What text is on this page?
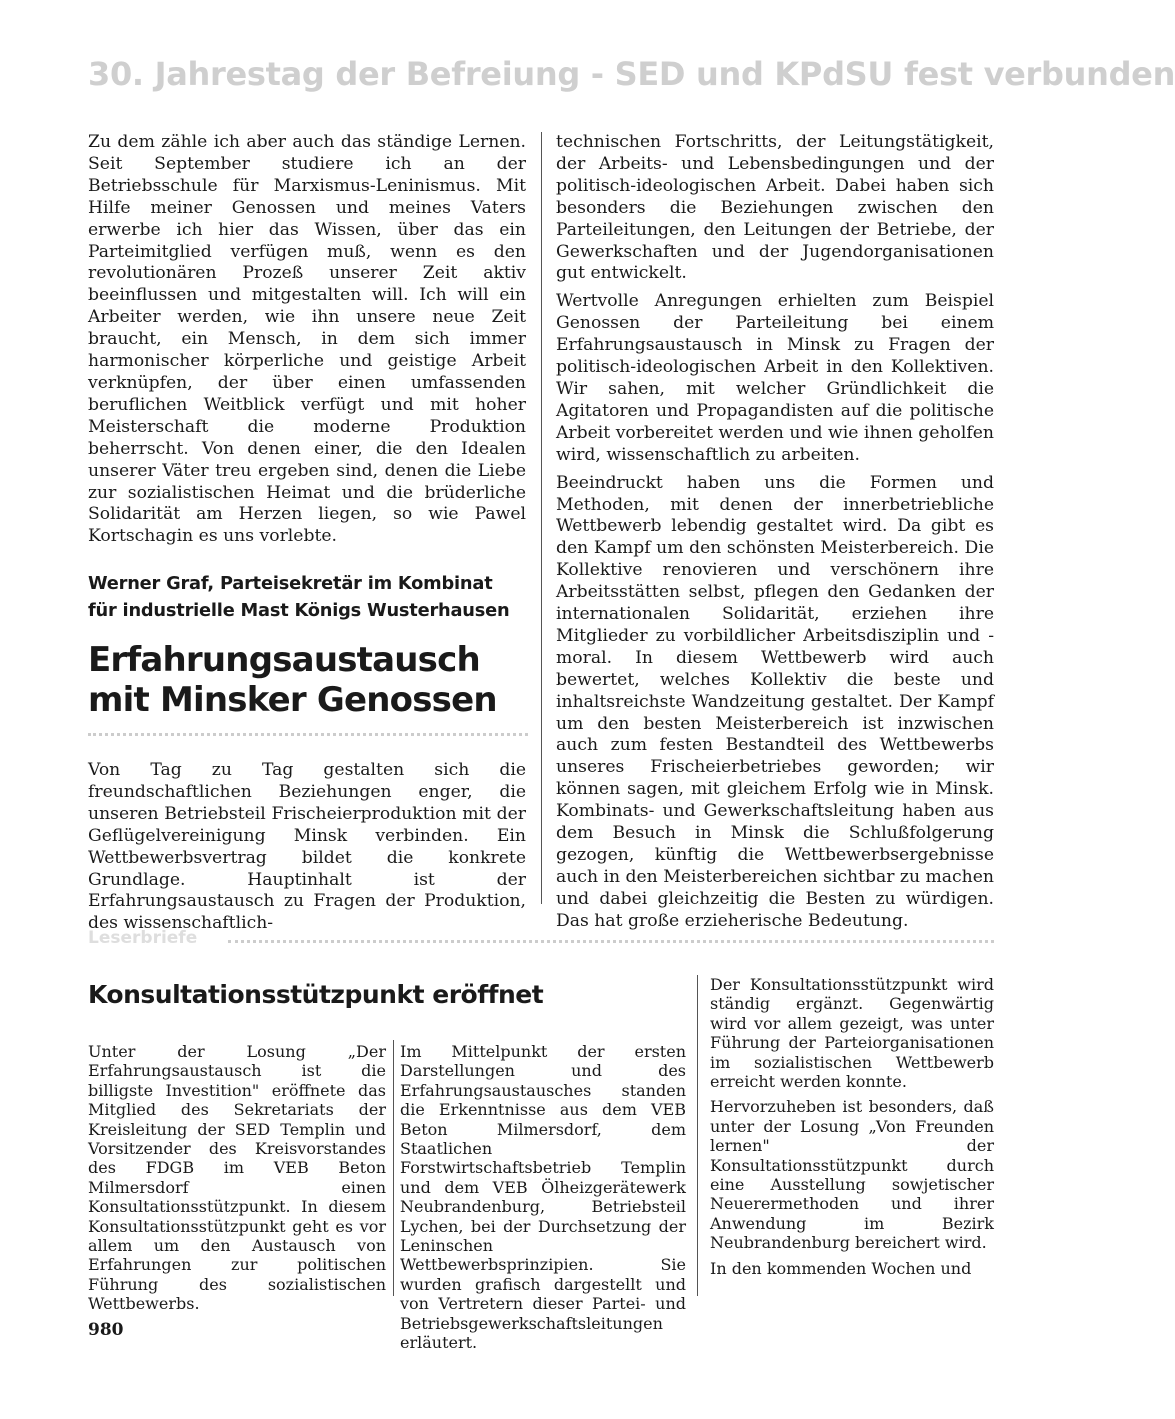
30. Jahrestag der Befreiung - SED und KPdSU fest verbunden

Zu dem zähle ich aber auch das ständige Lernen. Seit September studiere ich an der Betriebsschule für Marxismus-Leninismus. Mit Hilfe meiner Genossen und meines Vaters erwerbe ich hier das Wissen, über das ein Parteimitglied verfügen muß, wenn es den revolutionären Prozeß unserer Zeit aktiv beeinflussen und mitgestalten will. Ich will ein Arbeiter werden, wie ihn unsere neue Zeit braucht, ein Mensch, in dem sich immer harmonischer körperliche und geistige Arbeit verknüpfen, der über einen umfassenden beruflichen Weitblick verfügt und mit hoher Meisterschaft die moderne Produktion beherrscht. Von denen einer, die den Idealen unserer Väter treu ergeben sind, denen die Liebe zur sozialistischen Heimat und die brüderliche Solidarität am Herzen liegen, so wie Pawel Kortschagin es uns vorlebte.

Werner Graf, Parteisekretär im Kombinat
für industrielle Mast Königs Wusterhausen
Erfahrungsaustausch
mit Minsker Genossen

Von Tag zu Tag gestalten sich die freundschaftlichen Beziehungen enger, die unseren Betriebsteil Frischeierproduktion mit der Geflügelvereinigung Minsk verbinden. Ein Wettbewerbsvertrag bildet die konkrete Grundlage. Hauptinhalt ist der Erfahrungsaustausch zu Fragen der Produktion, des wissenschaftlich-

technischen Fortschritts, der Leitungstätigkeit, der Arbeits- und Lebensbedingungen und der politisch-ideologischen Arbeit. Dabei haben sich besonders die Beziehungen zwischen den Parteileitungen, den Leitungen der Betriebe, der Gewerkschaften und der Jugendorganisationen gut entwickelt.

Wertvolle Anregungen erhielten zum Beispiel Genossen der Parteileitung bei einem Erfahrungsaustausch in Minsk zu Fragen der politisch-ideologischen Arbeit in den Kollektiven. Wir sahen, mit welcher Gründlichkeit die Agitatoren und Propagandisten auf die politische Arbeit vorbereitet werden und wie ihnen geholfen wird, wissenschaftlich zu arbeiten.

Beeindruckt haben uns die Formen und Methoden, mit denen der innerbetriebliche Wettbewerb lebendig gestaltet wird. Da gibt es den Kampf um den schönsten Meisterbereich. Die Kollektive renovieren und verschönern ihre Arbeitsstätten selbst, pflegen den Gedanken der internationalen Solidarität, erziehen ihre Mitglieder zu vorbildlicher Arbeitsdisziplin und -moral. In diesem Wettbewerb wird auch bewertet, welches Kollektiv die beste und inhaltsreichste Wandzeitung gestaltet. Der Kampf um den besten Meisterbereich ist inzwischen auch zum festen Bestandteil des Wettbewerbs unseres Frischeierbetriebes geworden; wir können sagen, mit gleichem Erfolg wie in Minsk. Kombinats- und Gewerkschaftsleitung haben aus dem Besuch in Minsk die Schlußfolgerung gezogen, künftig die Wettbewerbsergebnisse auch in den Meisterbereichen sichtbar zu machen und dabei gleichzeitig die Besten zu würdigen. Das hat große erzieherische Bedeutung.

Leserbriefe
Konsultationsstützpunkt eröffnet

Unter der Losung „Der Erfahrungsaustausch ist die billigste Investition" eröffnete das Mitglied des Sekretariats der Kreisleitung der SED Templin und Vorsitzender des Kreisvorstandes des FDGB im VEB Beton Milmersdorf einen Konsultationsstützpunkt. In diesem Konsultationsstützpunkt geht es vor allem um den Austausch von Erfahrungen zur politischen Führung des sozialistischen Wettbewerbs.

Im Mittelpunkt der ersten Darstellungen und des Erfahrungsaustausches standen die Erkenntnisse aus dem VEB Beton Milmersdorf, dem Staatlichen Forstwirtschaftsbetrieb Templin und dem VEB Ölheizgerätewerk Neubrandenburg, Betriebsteil Lychen, bei der Durchsetzung der Leninschen Wettbewerbsprinzipien. Sie wurden grafisch dargestellt und von Vertretern dieser Partei- und Betriebsgewerkschaftsleitungen erläutert.

Der Konsultationsstützpunkt wird ständig ergänzt. Gegenwärtig wird vor allem gezeigt, was unter Führung der Parteiorganisationen im sozialistischen Wettbewerb erreicht werden konnte.

Hervorzuheben ist besonders, daß unter der Losung „Von Freunden lernen" der Konsultationsstützpunkt durch eine Ausstellung sowjetischer Neuerermethoden und ihrer Anwendung im Bezirk Neubrandenburg bereichert wird.

In den kommenden Wochen und

980
